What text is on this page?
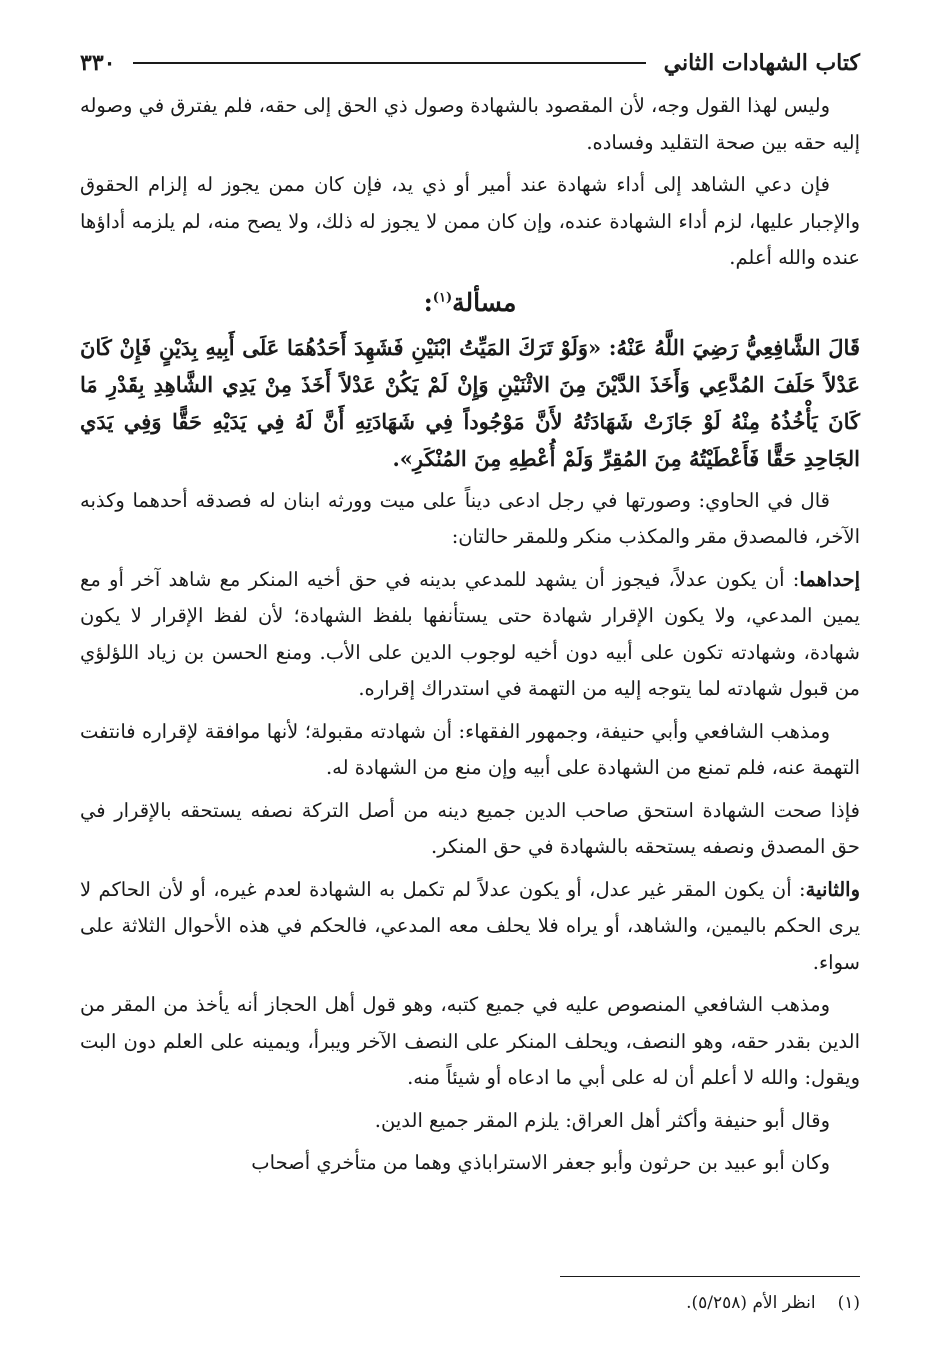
كتاب الشهادات الثاني
٣٣٠

وليس لهذا القول وجه، لأن المقصود بالشهادة وصول ذي الحق إلى حقه، فلم يفترق في وصوله إليه حقه بين صحة التقليد وفساده.

فإن دعي الشاهد إلى أداء شهادة عند أمير أو ذي يد، فإن كان ممن يجوز له إلزام الحقوق والإجبار عليها، لزم أداء الشهادة عنده، وإن كان ممن لا يجوز له ذلك، ولا يصح منه، لم يلزمه أداؤها عنده والله أعلم.

مسألة$^{(١)}$:

قَالَ الشَّافِعِيُّ رَضِيَ اللَّهُ عَنْهُ: «وَلَوْ تَرَكَ المَيِّتُ ابْنَيْنِ فَشَهِدَ أَحَدُهُمَا عَلَى أَبِيهِ بِدَيْنٍ فَإِنْ كَانَ عَدْلاً حَلَفَ المُدَّعِي وَأَخَذَ الدَّيْنَ مِنَ الاثْنَيْنِ وَإِنْ لَمْ يَكُنْ عَدْلاً أَخَذَ مِنْ يَدِي الشَّاهِدِ بِقَدْرِ مَا كَانَ يَأْخُذُهُ مِنْهُ لَوْ جَازَتْ شَهَادَتُهُ لأَنَّ مَوْجُوداً فِي شَهَادَتِهِ أَنَّ لَهُ فِي يَدَيْهِ حَقًّا وَفِي يَدَي الجَاحِدِ حَقًّا فَأَعْطَيْتُهُ مِنَ المُقِرِّ وَلَمْ أُعْطِهِ مِنَ المُنْكَرِ».

قال في الحاوي: وصورتها في رجل ادعى ديناً على ميت وورثه ابنان له فصدقه أحدهما وكذبه الآخر، فالمصدق مقر والمكذب منكر وللمقر حالتان:

إحداهما: أن يكون عدلاً، فيجوز أن يشهد للمدعي بدينه في حق أخيه المنكر مع شاهد آخر أو مع يمين المدعي، ولا يكون الإقرار شهادة حتى يستأنفها بلفظ الشهادة؛ لأن لفظ الإقرار لا يكون شهادة، وشهادته تكون على أبيه دون أخيه لوجوب الدين على الأب. ومنع الحسن بن زياد اللؤلؤي من قبول شهادته لما يتوجه إليه من التهمة في استدراك إقراره.

ومذهب الشافعي وأبي حنيفة، وجمهور الفقهاء: أن شهادته مقبولة؛ لأنها موافقة لإقراره فانتفت التهمة عنه، فلم تمنع من الشهادة على أبيه وإن منع من الشهادة له.

فإذا صحت الشهادة استحق صاحب الدين جميع دينه من أصل التركة نصفه يستحقه بالإقرار في حق المصدق ونصفه يستحقه بالشهادة في حق المنكر.

والثانية: أن يكون المقر غير عدل، أو يكون عدلاً لم تكمل به الشهادة لعدم غيره، أو لأن الحاكم لا يرى الحكم باليمين، والشاهد، أو يراه فلا يحلف معه المدعي، فالحكم في هذه الأحوال الثلاثة على سواء.

ومذهب الشافعي المنصوص عليه في جميع كتبه، وهو قول أهل الحجاز أنه يأخذ من المقر من الدين بقدر حقه، وهو النصف، ويحلف المنكر على النصف الآخر ويبرأ، ويمينه على العلم دون البت ويقول: والله لا أعلم أن له على أبي ما ادعاه أو شيئاً منه.

وقال أبو حنيفة وأكثر أهل العراق: يلزم المقر جميع الدين.

وكان أبو عبيد بن حرثون وأبو جعفر الاستراباذي وهما من متأخري أصحاب

(١)انظر الأم (٥/٢٥٨).
